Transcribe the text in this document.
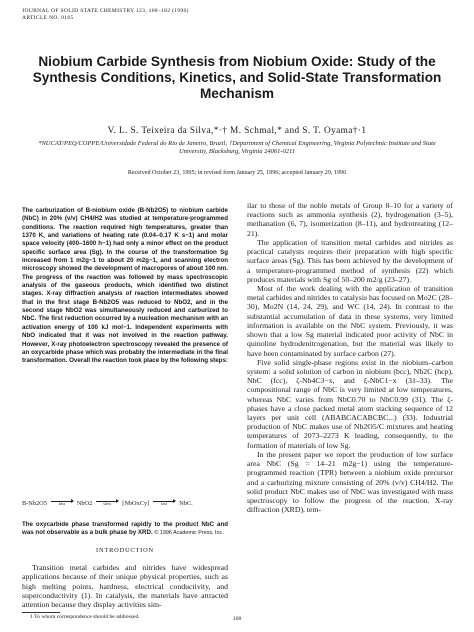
JOURNAL OF SOLID STATE CHEMISTRY 123, 168–182 (1996)
ARTICLE NO. 0165
Niobium Carbide Synthesis from Niobium Oxide: Study of the Synthesis Conditions, Kinetics, and Solid-State Transformation Mechanism
V. L. S. Teixeira da Silva,*·† M. Schmal,* and S. T. Oyama†·1
*NUCAT/PEQ/COPPE/Universidade Federal do Rio de Janeiro, Brazil; †Department of Chemical Engineering, Virginia Polytechnic Institute and State University, Blacksburg, Virginia 24061-0211
Received October 23, 1995; in revised form January 25, 1996; accepted January 29, 1996
The carburization of B-niobium oxide (B-Nb2O5) to niobium carbide (NbC) in 20% (v/v) CH4/H2 was studied at temperature-programmed conditions. The reaction required high temperatures, greater than 1370 K, and variations of heating rate (0.04–0.17 K s−1) and molar space velocity (400–1600 h−1) had only a minor effect on the product specific surface area (Sg). In the course of the transformation Sg increased from 1 m2g−1 to about 20 m2g−1, and scanning electron microscopy showed the development of macropores of about 100 nm. The progress of the reaction was followed by mass spectroscopic analysis of the gaseous products, which identified two distinct stages. X-ray diffraction analysis of reaction intermediates showed that in the first stage B-Nb2O5 was reduced to NbO2, and in the second stage NbO2 was simultaneously reduced and carburized to NbC. The first reduction occurred by a nucleation mechanism with an activation energy of 100 kJ mol−1. Independent experiments with NbO indicated that it was not involved in the reaction pathway. However, X-ray photoelectron spectroscopy revealed the presence of an oxycarbide phase which was probably the intermediate in the final transformation. Overall the reaction took place by the following steps:
B-Nb2O5	fast NbO2	slow [NbOxCy]	fast NbC.
The oxycarbide phase transformed rapidly to the product NbC and was not observable as a bulk phase by XRD. © 1996 Academic Press, Inc.
INTRODUCTION
Transition metal carbides and nitrides have widespread applications because of their unique physical properties, such as high melting points, hardness, electrical conductivity, and superconductivity (1). In catalysis, the materials have attracted attention because they display activities sim-
1 To whom correspondence should be addressed.	168

ilar to those of the noble metals of Group 8–10 for a variety of reactions such as ammonia synthesis (2), hydrogenation (3–5), methanation (6, 7), isomerization (8–11), and hydrotreating (12–21).

The application of transition metal carbides and nitrides as practical catalysts requires their preparation with high specific surface areas (Sg). This has been achieved by the development of a temperature-programmed method of synthesis (22) which produces materials with Sg of 50–200 m2/g (23–27).

Most of the work dealing with the application of transition metal carbides and nitrides to catalysis has focused on Mo2C (28–30), Mo2N (14, 24, 29), and WC (14, 24). In contrast to the substantial accumulation of data in these systems, very limited information is available on the NbC system. Previously, it was shown that a low Sg material indicated poor activity of NbC in quinoline hydrodenitrogenation, but the material was likely to have been contaminated by surface carbon (27).

Five solid single-phase regions exist in the niobium–carbon system: a solid solution of carbon in niobium (bcc), Nb2C (hcp), NbC (fcc), ζ-Nb4C3−x, and ξ-NbC1−x (31–33). The compositional range of NbC is very limited at low temperatures, whereas NbC varies from NbC0.70 to NbC0.99 (31). The ζ-phases have a close packed metal atom stacking sequence of 12 layers per unit cell (ABABCACABCBC...) (33). Industrial production of NbC makes use of Nb2O5/C mixtures and heating temperatures of 2073–2273 K leading, consequently, to the formation of materials of low Sg.

In the present paper we report the production of low surface area NbC (Sg = 14–21 m2g−1) using the temperature-programmed reaction (TPR) between a niobium oxide precursor and a carburizing mixture consisting of 20% (v/v) CH4/H2. The solid product NbC makes use of NbC was investigated with mass spectroscopy to follow the progress of the reaction. X-ray diffraction (XRD), tem-
